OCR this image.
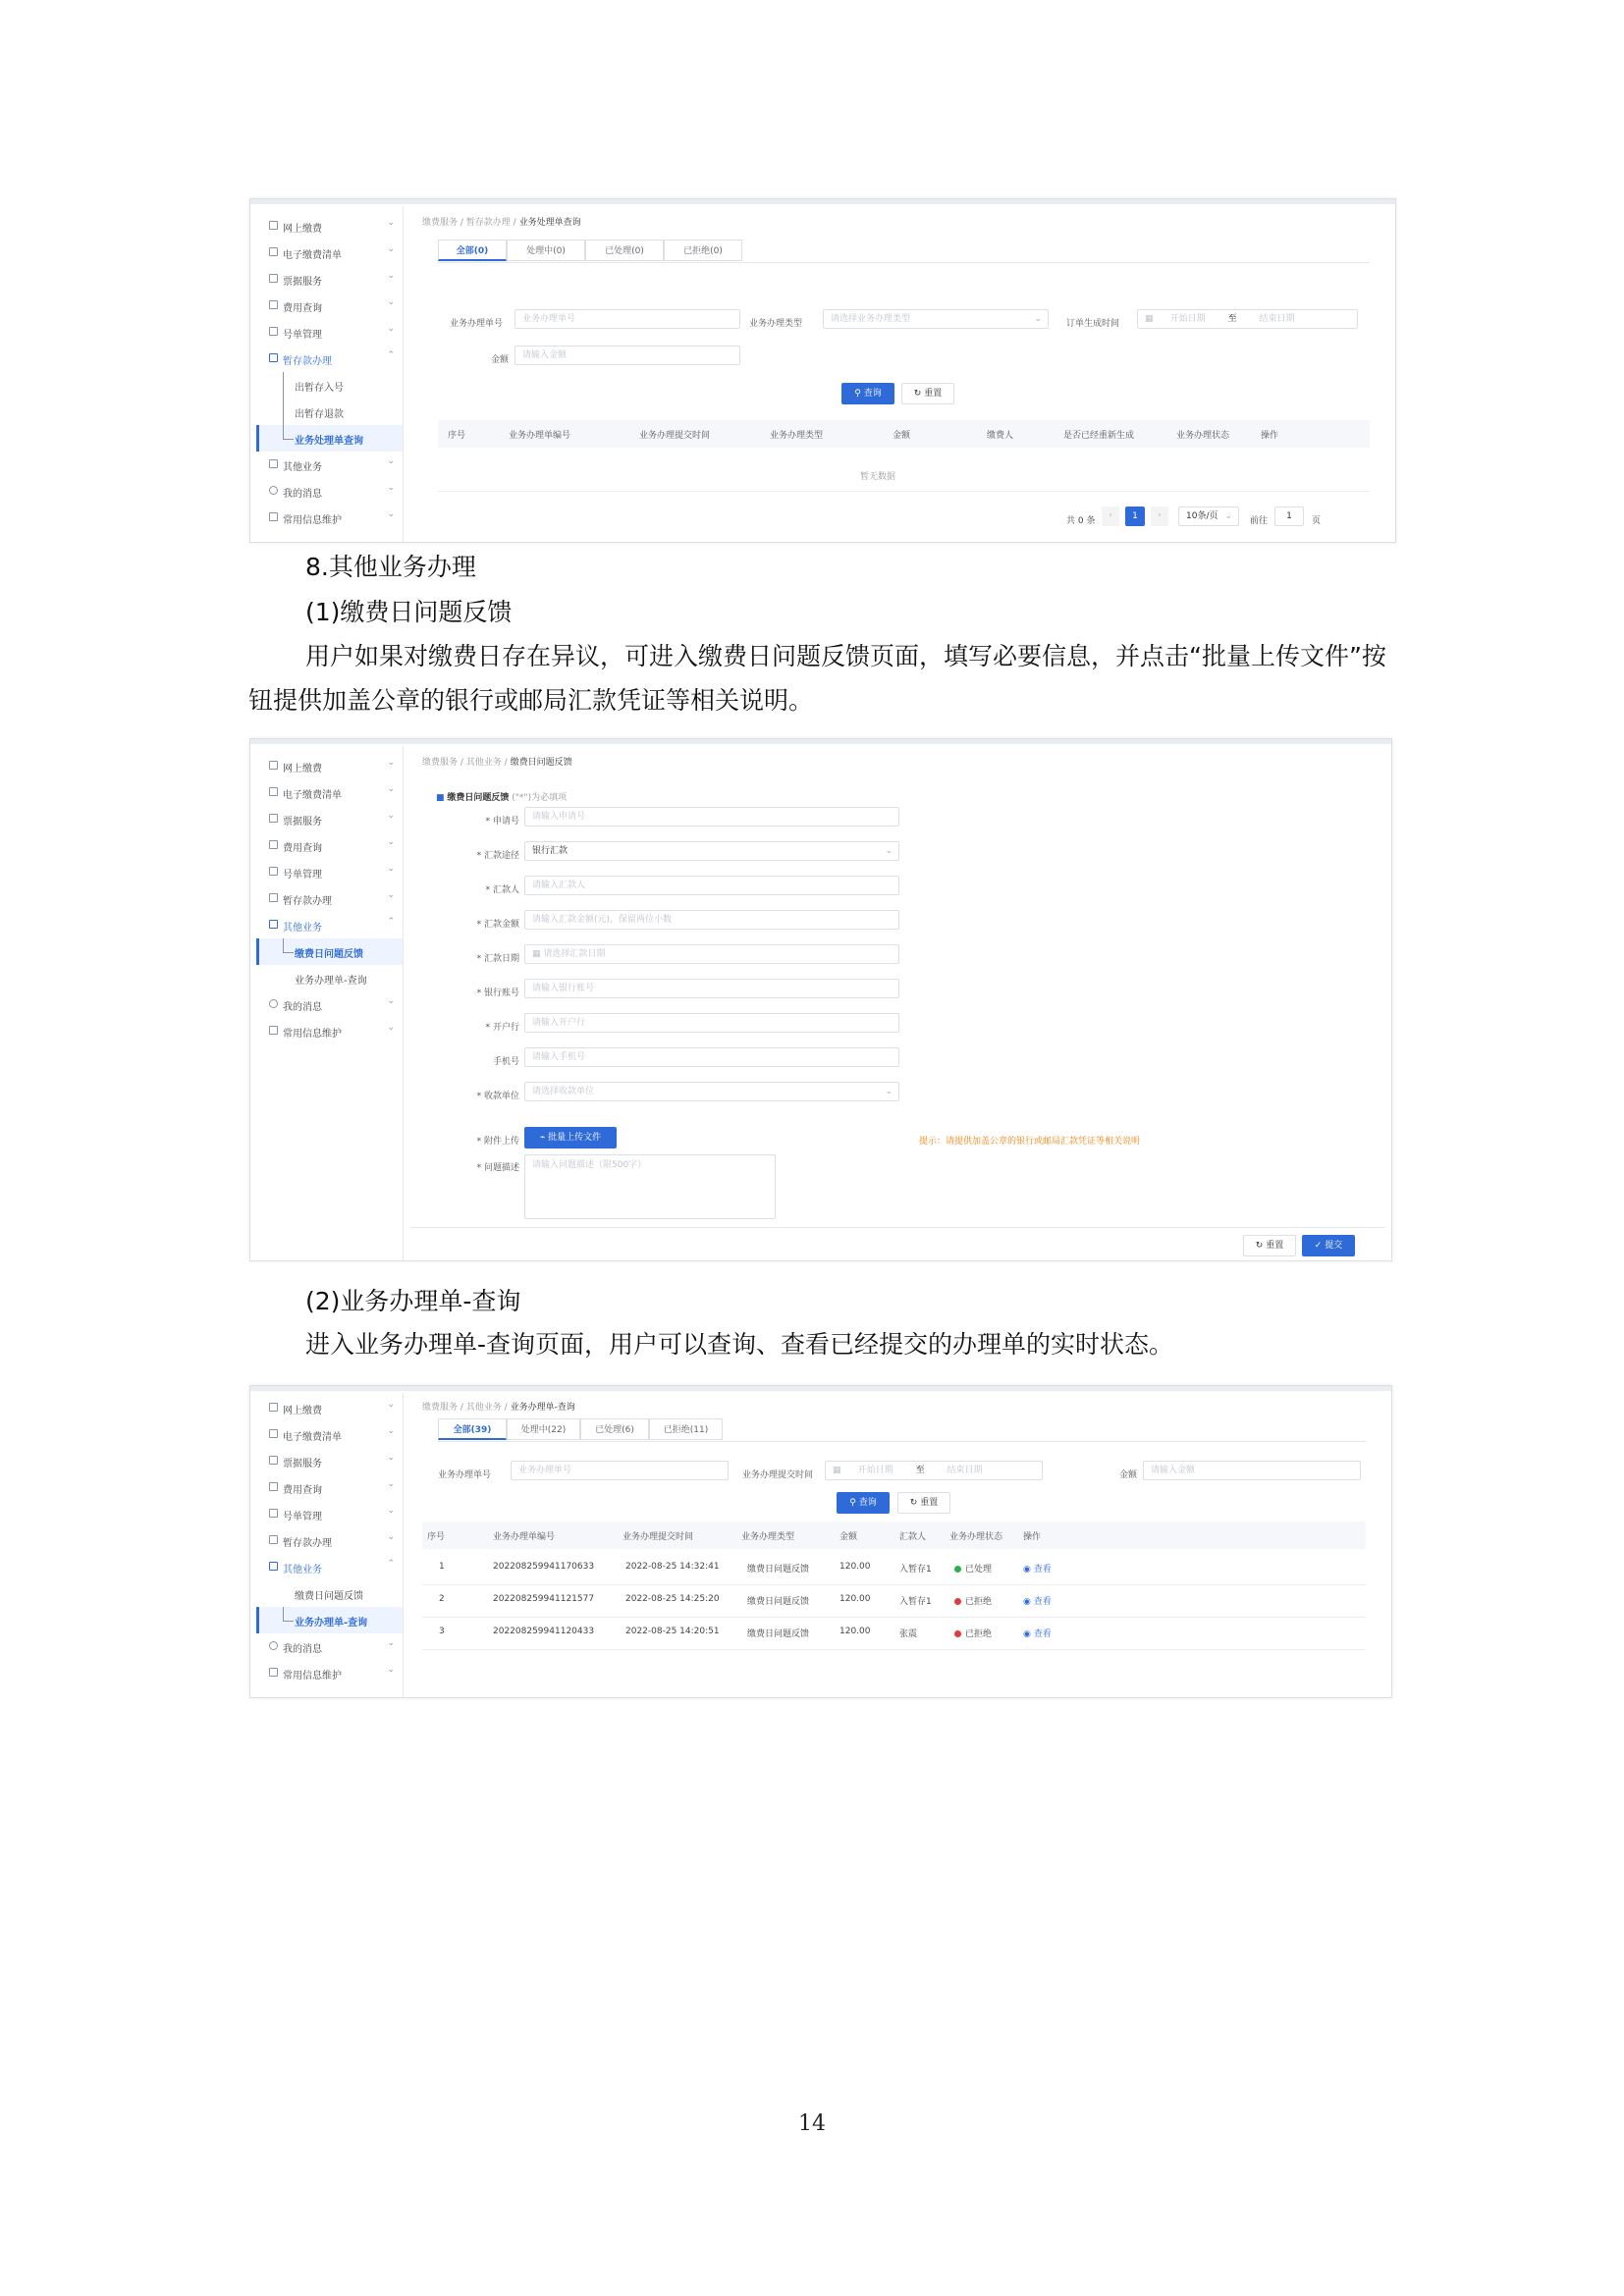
网上缴费
⌄
电子缴费清单
⌄
票据服务
⌄
费用查询
⌄
号单管理
⌄
暂存款办理
⌃
出暂存入号
出暂存退款
业务处理单查询
其他业务
⌄
我的消息
⌄
常用信息维护
⌄
缴费服务 / 暂存款办理 / 业务处理单查询
全部(0)	处理中(0)	已处理(0)	已拒绝(0)
业务办理单号	业务办理单号	业务办理类型	请选择业务办理类型	⌄	订单生成时间	▦ 开始日期	至	结束日期
金额	请输入金额
⚲ 查询	↻ 重置
序号	业务办理单编号	业务办理提交时间	业务办理类型	金额	缴费人	是否已经重新生成	业务办理状态	操作
暂无数据
共 0 条
‹	1	›	10条/页 ⌄ 前往	1	页
8.其他业务办理
(1)缴费日问题反馈
用户如果对缴费日存在异议，可进入缴费日问题反馈页面，填写必要信息，并点击“批量上传文件”按钮提供加盖公章的银行或邮局汇款凭证等相关说明。
网上缴费
⌄
电子缴费清单
⌄
票据服务
⌄
费用查询
⌄
号单管理
⌄
暂存款办理
⌄
其他业务
⌃
缴费日问题反馈
业务办理单-查询
我的消息
⌄
常用信息维护
⌄
缴费服务 / 其他业务 / 缴费日问题反馈
■ 缴费日问题反馈 ("*")为必填项
* 申请号	请输入申请号
* 汇款途径	银行汇款	⌄
* 汇款人	请输入汇款人
* 汇款金额	请输入汇款金额(元)，保留两位小数
* 汇款日期	▦ 请选择汇款日期
* 银行账号	请输入银行账号
* 开户行	请输入开户行
手机号	请输入手机号
* 收款单位	请选择收款单位	⌄
* 附件上传	⌁ 批量上传文件	提示：请提供加盖公章的银行或邮局汇款凭证等相关说明
* 问题描述	请输入问题描述（限500字）
↻ 重置	✓ 提交
(2)业务办理单-查询
进入业务办理单-查询页面，用户可以查询、查看已经提交的办理单的实时状态。
网上缴费
⌄
电子缴费清单
⌄
票据服务
⌄
费用查询
⌄
号单管理
⌄
暂存款办理
⌄
其他业务
⌃
缴费日问题反馈
业务办理单-查询
我的消息
⌄
常用信息维护
⌄
缴费服务 / 其他业务 / 业务办理单-查询
全部(39)	处理中(22)	已处理(6)	已拒绝(11)
业务办理单号	业务办理单号	业务办理提交时间	▦ 开始日期	至	结束日期	金额	请输入金额
⚲ 查询	↻ 重置
序号	业务办理单编号	业务办理提交时间	业务办理类型	金额	汇款人	业务办理状态 操作
1	202208259941170633	2022-08-25 14:32:41	缴费日问题反馈	120.00	入暂存1	已处理	◉ 查看
2	202208259941121577	2022-08-25 14:25:20	缴费日问题反馈	120.00	入暂存1	已拒绝	◉ 查看
3	202208259941120433	2022-08-25 14:20:51	缴费日问题反馈	120.00	张震	已拒绝	◉ 查看
14
